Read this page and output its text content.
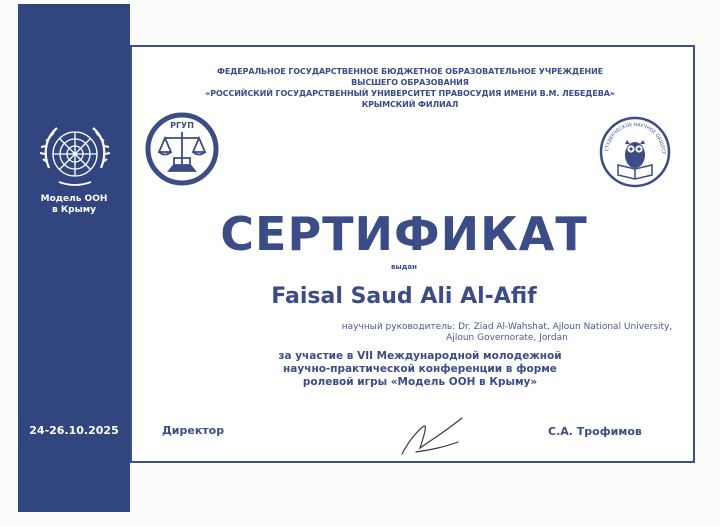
Модель ООН
в Крыму
24-26.10.2025
ФЕДЕРАЛЬНОЕ ГОСУДАРСТВЕННОЕ БЮДЖЕТНОЕ ОБРАЗОВАТЕЛЬНОЕ УЧРЕЖДЕНИЕ
ВЫСШЕГО ОБРАЗОВАНИЯ
«РОССИЙСКИЙ ГОСУДАРСТВЕННЫЙ УНИВЕРСИТЕТ ПРАВОСУДИЯ ИМЕНИ В.М. ЛЕБЕДЕВА»
КРЫМСКИЙ ФИЛИАЛ
РГУП
СТУДЕНЧЕСКОЕ НАУЧНОЕ ОБЩЕСТ
СЕРТИФИКАТ
выдан
Faisal Saud Ali Al-Afif
научный руководитель: Dr. Ziad Al-Wahshat, Ajloun National University, Ajloun Governorate, Jordan
за участие в VII Международной молодежной
научно-практической конференции в форме
ролевой игры «Модель ООН в Крыму»
Директор	С.А. Трофимов
